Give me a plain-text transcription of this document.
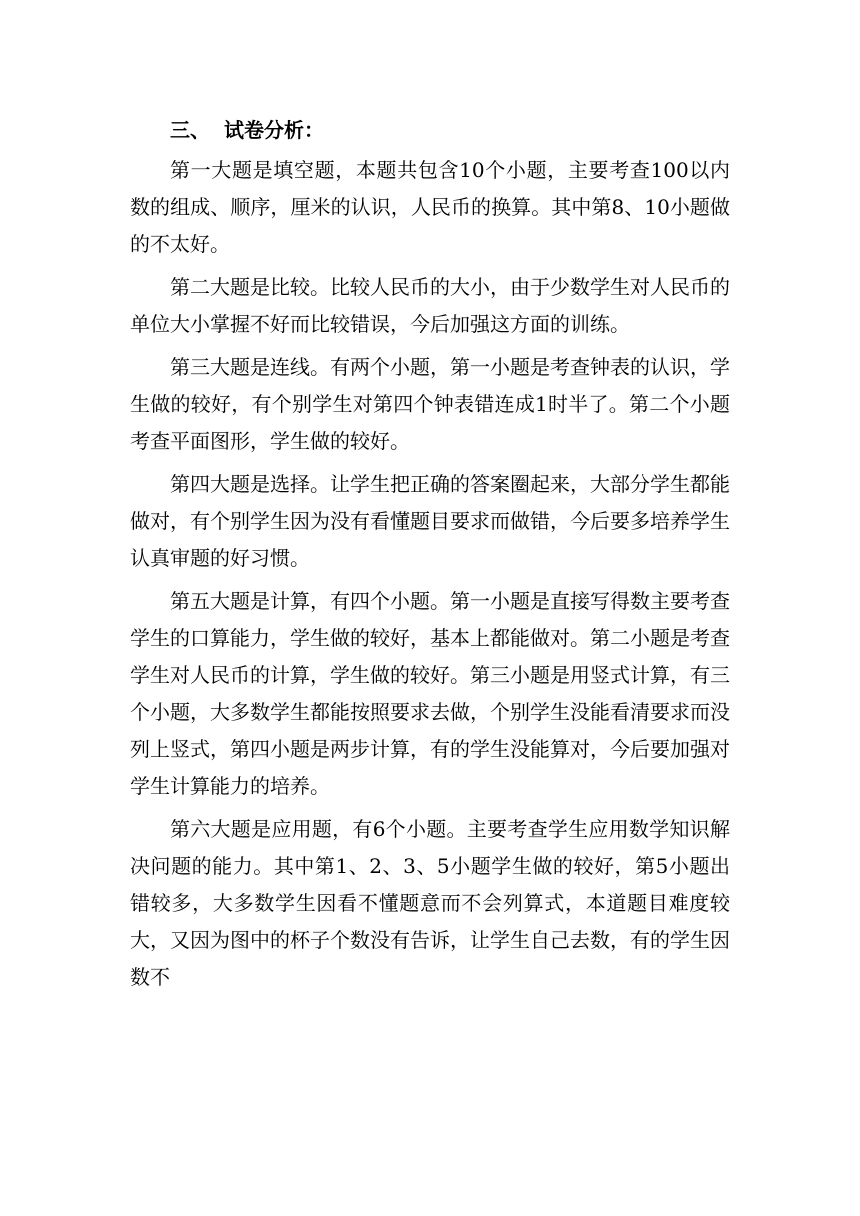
三、 试卷分析：

第一大题是填空题，本题共包含10个小题，主要考查100以内数的组成、顺序，厘米的认识，人民币的换算。其中第8、10小题做的不太好。

第二大题是比较。比较人民币的大小，由于少数学生对人民币的单位大小掌握不好而比较错误，今后加强这方面的训练。

第三大题是连线。有两个小题，第一小题是考查钟表的认识，学生做的较好，有个别学生对第四个钟表错连成1时半了。第二个小题考查平面图形，学生做的较好。

第四大题是选择。让学生把正确的答案圈起来，大部分学生都能做对，有个别学生因为没有看懂题目要求而做错，今后要多培养学生认真审题的好习惯。

第五大题是计算，有四个小题。第一小题是直接写得数主要考查学生的口算能力，学生做的较好，基本上都能做对。第二小题是考查学生对人民币的计算，学生做的较好。第三小题是用竖式计算，有三个小题，大多数学生都能按照要求去做，个别学生没能看清要求而没列上竖式，第四小题是两步计算，有的学生没能算对，今后要加强对学生计算能力的培养。

第六大题是应用题，有6个小题。主要考查学生应用数学知识解决问题的能力。其中第1、2、3、5小题学生做的较好，第5小题出错较多，大多数学生因看不懂题意而不会列算式，本道题目难度较大，又因为图中的杯子个数没有告诉，让学生自己去数，有的学生因数不
